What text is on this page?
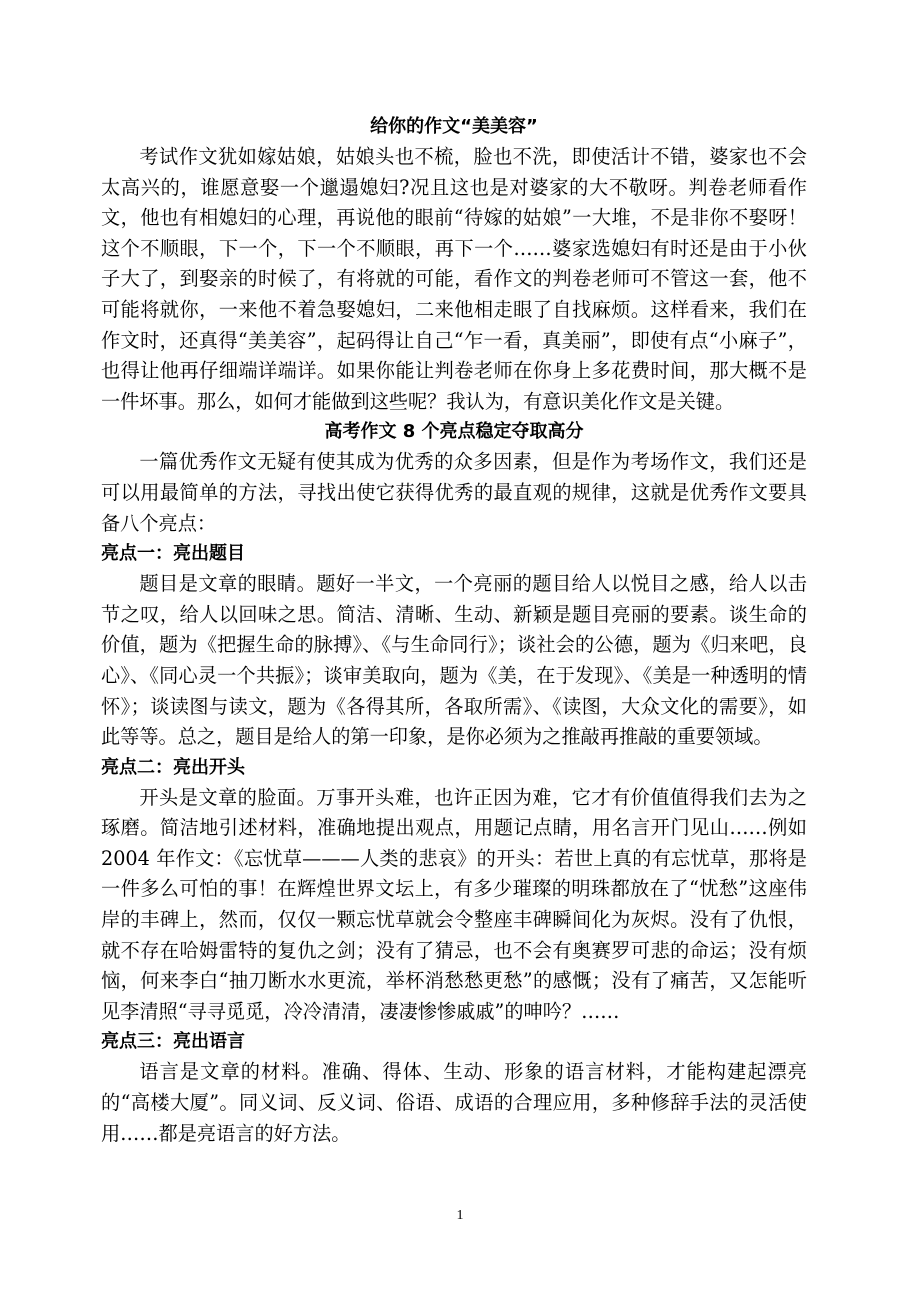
给你的作文“美美容”

考试作文犹如嫁姑娘，姑娘头也不梳，脸也不洗，即使活计不错，婆家也不会太高兴的，谁愿意娶一个邋遢媳妇?况且这也是对婆家的大不敬呀。判卷老师看作文，他也有相媳妇的心理，再说他的眼前“待嫁的姑娘”一大堆，不是非你不娶呀！这个不顺眼，下一个，下一个不顺眼，再下一个……婆家选媳妇有时还是由于小伙子大了，到娶亲的时候了，有将就的可能，看作文的判卷老师可不管这一套，他不可能将就你，一来他不着急娶媳妇，二来他相走眼了自找麻烦。这样看来，我们在作文时，还真得“美美容”，起码得让自己“乍一看，真美丽”，即使有点“小麻子”，也得让他再仔细端详端详。如果你能让判卷老师在你身上多花费时间，那大概不是一件坏事。那么，如何才能做到这些呢？我认为，有意识美化作文是关键。

高考作文 8 个亮点稳定夺取高分

一篇优秀作文无疑有使其成为优秀的众多因素，但是作为考场作文，我们还是可以用最简单的方法，寻找出使它获得优秀的最直观的规律，这就是优秀作文要具备八个亮点：

亮点一：亮出题目

题目是文章的眼睛。题好一半文，一个亮丽的题目给人以悦目之感，给人以击节之叹，给人以回味之思。简洁、清晰、生动、新颖是题目亮丽的要素。谈生命的价值，题为《把握生命的脉搏》、《与生命同行》；谈社会的公德，题为《归来吧，良心》、《同心灵一个共振》；谈审美取向，题为《美，在于发现》、《美是一种透明的情怀》；谈读图与读文，题为《各得其所，各取所需》、《读图，大众文化的需要》，如此等等。总之，题目是给人的第一印象，是你必须为之推敲再推敲的重要领域。

亮点二：亮出开头

开头是文章的脸面。万事开头难，也许正因为难，它才有价值值得我们去为之琢磨。简洁地引述材料，准确地提出观点，用题记点睛，用名言开门见山……例如 2004 年作文：《忘忧草———人类的悲哀》的开头：若世上真的有忘忧草，那将是一件多么可怕的事！在辉煌世界文坛上，有多少璀璨的明珠都放在了“忧愁”这座伟岸的丰碑上，然而，仅仅一颗忘忧草就会令整座丰碑瞬间化为灰烬。没有了仇恨，就不存在哈姆雷特的复仇之剑；没有了猜忌，也不会有奥赛罗可悲的命运；没有烦恼，何来李白“抽刀断水水更流，举杯消愁愁更愁”的感慨；没有了痛苦，又怎能听见李清照“寻寻觅觅，冷冷清清，凄凄惨惨戚戚”的呻吟？……

亮点三：亮出语言

语言是文章的材料。准确、得体、生动、形象的语言材料，才能构建起漂亮的“高楼大厦”。同义词、反义词、俗语、成语的合理应用，多种修辞手法的灵活使用……都是亮语言的好方法。

1
